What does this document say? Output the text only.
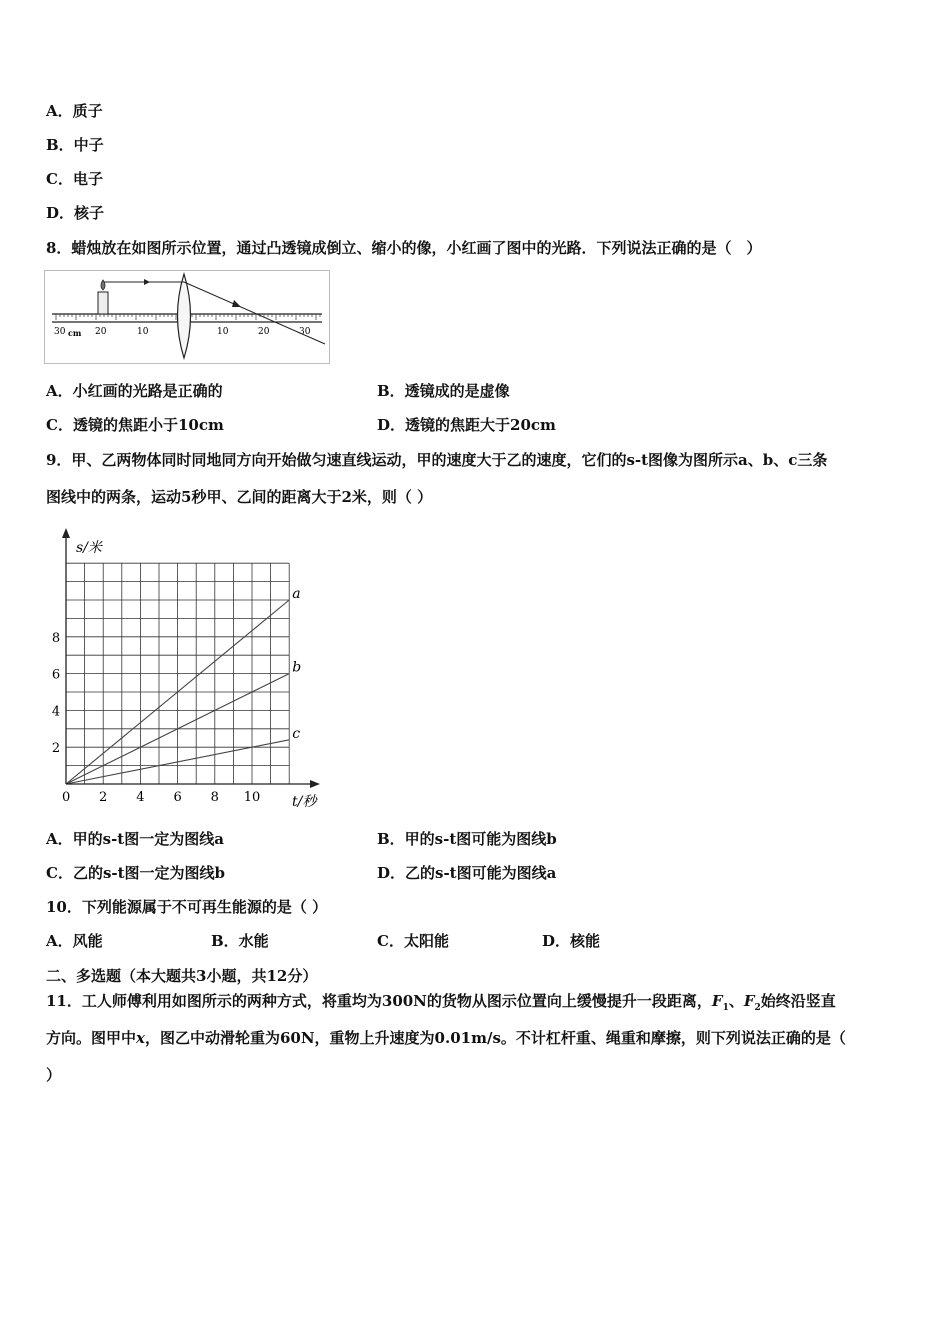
A．质子
B．中子
C．电子
D．核子
8．蜡烛放在如图所示位置，通过凸透镜成倒立、缩小的像，小红画了图中的光路．下列说法正确的是（　）
30 cm 20	10	10	20	30
A．小红画的光路是正确的	B．透镜成的是虚像
C．透镜的焦距小于10cm	D．透镜的焦距大于20cm
9．甲、乙两物体同时同地同方向开始做匀速直线运动，甲的速度大于乙的速度，它们的s-t图像为图所示a、b、c三条
图线中的两条，运动5秒甲、乙间的距离大于2米，则（ ）
a
b
c
2 4 6 8 10
2
4
6
8
s/米
t/秒
0
A．甲的s-t图一定为图线a	B．甲的s-t图可能为图线b
C．乙的s-t图一定为图线b	D．乙的s-t图可能为图线a
10．下列能源属于不可再生能源的是（ ）
A．风能	B．水能	C．太阳能	D．核能
二、多选题（本大题共3小题，共12分）
11．工人师傅利用如图所示的两种方式，将重均为300N的货物从图示位置向上缓慢提升一段距离，$F_1$、$F_2$始终沿竖直
方向。图甲中x，图乙中动滑轮重为60N，重物上升速度为0.01m/s。不计杠杆重、绳重和摩擦，则下列说法正确的是（
）
